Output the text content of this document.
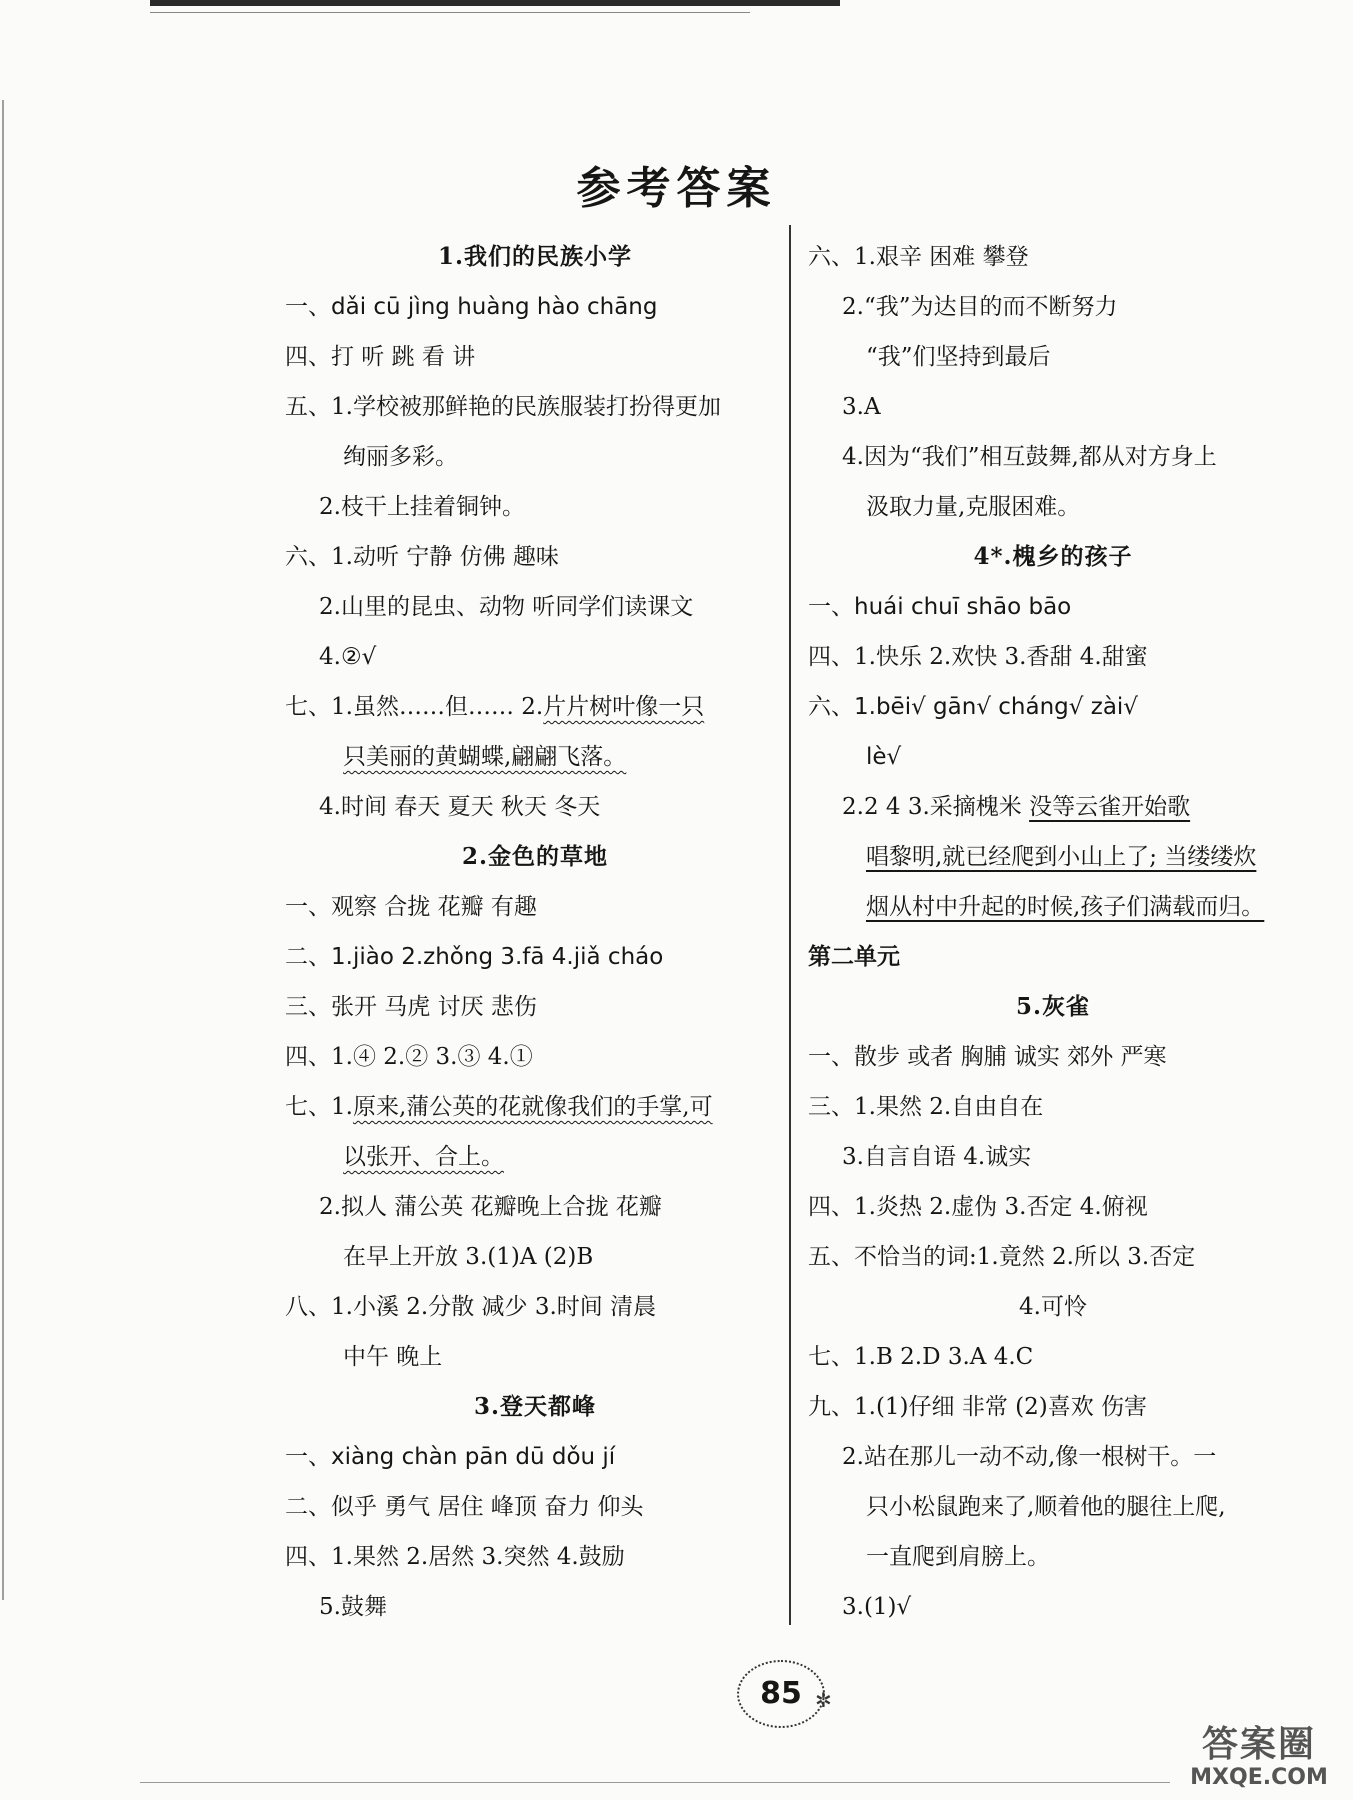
参考答案
1.我们的民族小学
一、dǎi cū jìng huàng hào chāng
四、打 听 跳 看 讲
五、1.学校被那鲜艳的民族服装打扮得更加
绚丽多彩。
2.枝干上挂着铜钟。
六、1.动听 宁静 仿佛 趣味
2.山里的昆虫、动物 听同学们读课文
4.②√
七、1.虽然……但…… 2.片片树叶像一只
只美丽的黄蝴蝶,翩翩飞落。
4.时间 春天 夏天 秋天 冬天
2.金色的草地
一、观察 合拢 花瓣 有趣
二、1.jiào 2.zhǒng 3.fā 4.jiǎ cháo
三、张开 马虎 讨厌 悲伤
四、1.④ 2.② 3.③ 4.①
七、1.原来,蒲公英的花就像我们的手掌,可
以张开、合上。
2.拟人 蒲公英 花瓣晚上合拢 花瓣
在早上开放 3.(1)A (2)B
八、1.小溪 2.分散 减少 3.时间 清晨
中午 晚上
3.登天都峰
一、xiàng chàn pān dū dǒu jí
二、似乎 勇气 居住 峰顶 奋力 仰头
四、1.果然 2.居然 3.突然 4.鼓励
5.鼓舞
六、1.艰辛 困难 攀登
2.“我”为达目的而不断努力
“我”们坚持到最后
3.A
4.因为“我们”相互鼓舞,都从对方身上
汲取力量,克服困难。
4*.槐乡的孩子
一、huái chuī shāo bāo
四、1.快乐 2.欢快 3.香甜 4.甜蜜
六、1.bēi√ gān√ cháng√ zài√
lè√
2.2 4 3.采摘槐米 没等云雀开始歌
唱黎明,就已经爬到小山上了; 当缕缕炊
烟从村中升起的时候,孩子们满载而归。
第二单元
5.灰雀
一、散步 或者 胸脯 诚实 郊外 严寒
三、1.果然 2.自由自在
3.自言自语 4.诚实
四、1.炎热 2.虚伪 3.否定 4.俯视
五、不恰当的词:1.竟然 2.所以 3.否定
4.可怜
七、1.B 2.D 3.A 4.C
九、1.(1)仔细 非常 (2)喜欢 伤害
2.站在那儿一动不动,像一根树干。一
只小松鼠跑来了,顺着他的腿往上爬,
一直爬到肩膀上。
3.(1)√
85 ✲
答案圈
MXQE.COM
